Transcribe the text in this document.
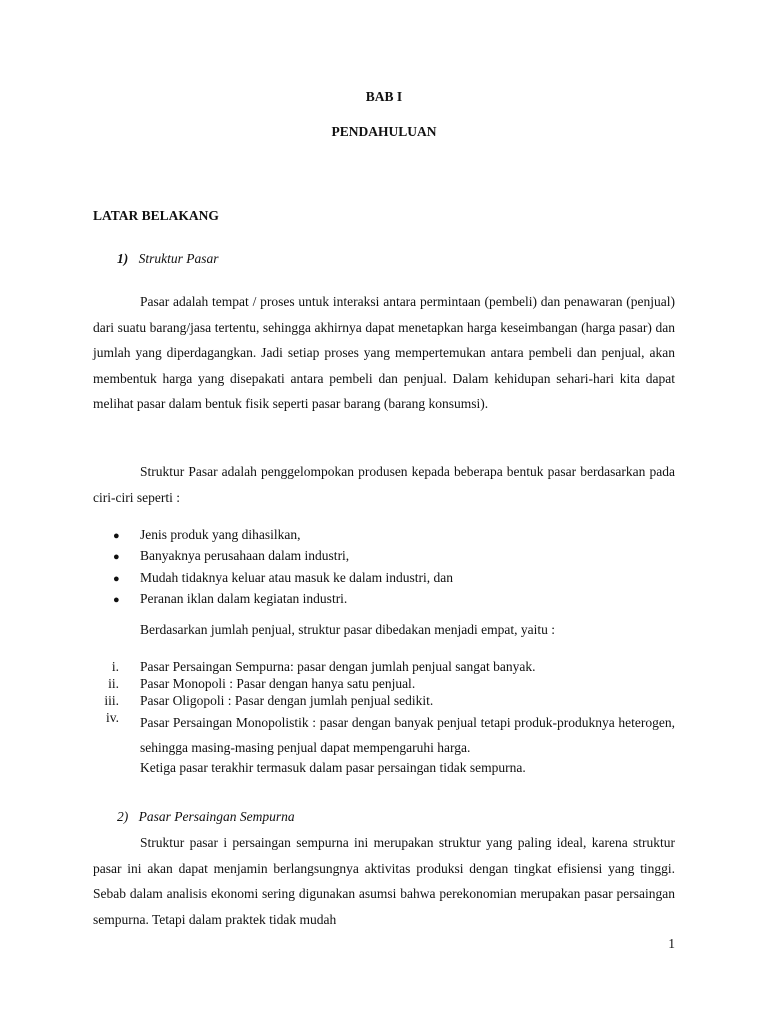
BAB I
PENDAHULUAN
LATAR BELAKANG
1) Struktur Pasar
Pasar adalah tempat / proses untuk interaksi antara permintaan (pembeli) dan penawaran (penjual) dari suatu barang/jasa tertentu, sehingga akhirnya dapat menetapkan harga keseimbangan (harga pasar) dan jumlah yang diperdagangkan. Jadi setiap proses yang mempertemukan antara pembeli dan penjual, akan membentuk harga yang disepakati antara pembeli dan penjual. Dalam kehidupan sehari-hari kita dapat melihat pasar dalam bentuk fisik seperti pasar barang (barang konsumsi).
Struktur Pasar adalah penggelompokan produsen kepada beberapa bentuk pasar berdasarkan pada ciri-ciri seperti :
● Jenis produk yang dihasilkan,
● Banyaknya perusahaan dalam industri,
● Mudah tidaknya keluar atau masuk ke dalam industri, dan
● Peranan iklan dalam kegiatan industri.
Berdasarkan jumlah penjual, struktur pasar dibedakan menjadi empat, yaitu :
i. Pasar Persaingan Sempurna: pasar dengan jumlah penjual sangat banyak.
ii. Pasar Monopoli : Pasar dengan hanya satu penjual.
iii. Pasar Oligopoli : Pasar dengan jumlah penjual sedikit.
iv. Pasar Persaingan Monopolistik : pasar dengan banyak penjual tetapi produk-produknya heterogen, sehingga masing-masing penjual dapat mempengaruhi harga.
Ketiga pasar terakhir termasuk dalam pasar persaingan tidak sempurna.
2) Pasar Persaingan Sempurna
Struktur pasar i persaingan sempurna ini merupakan struktur yang paling ideal, karena struktur pasar ini akan dapat menjamin berlangsungnya aktivitas produksi dengan tingkat efisiensi yang tinggi. Sebab dalam analisis ekonomi sering digunakan asumsi bahwa perekonomian merupakan pasar persaingan sempurna. Tetapi dalam praktek tidak mudah
1
